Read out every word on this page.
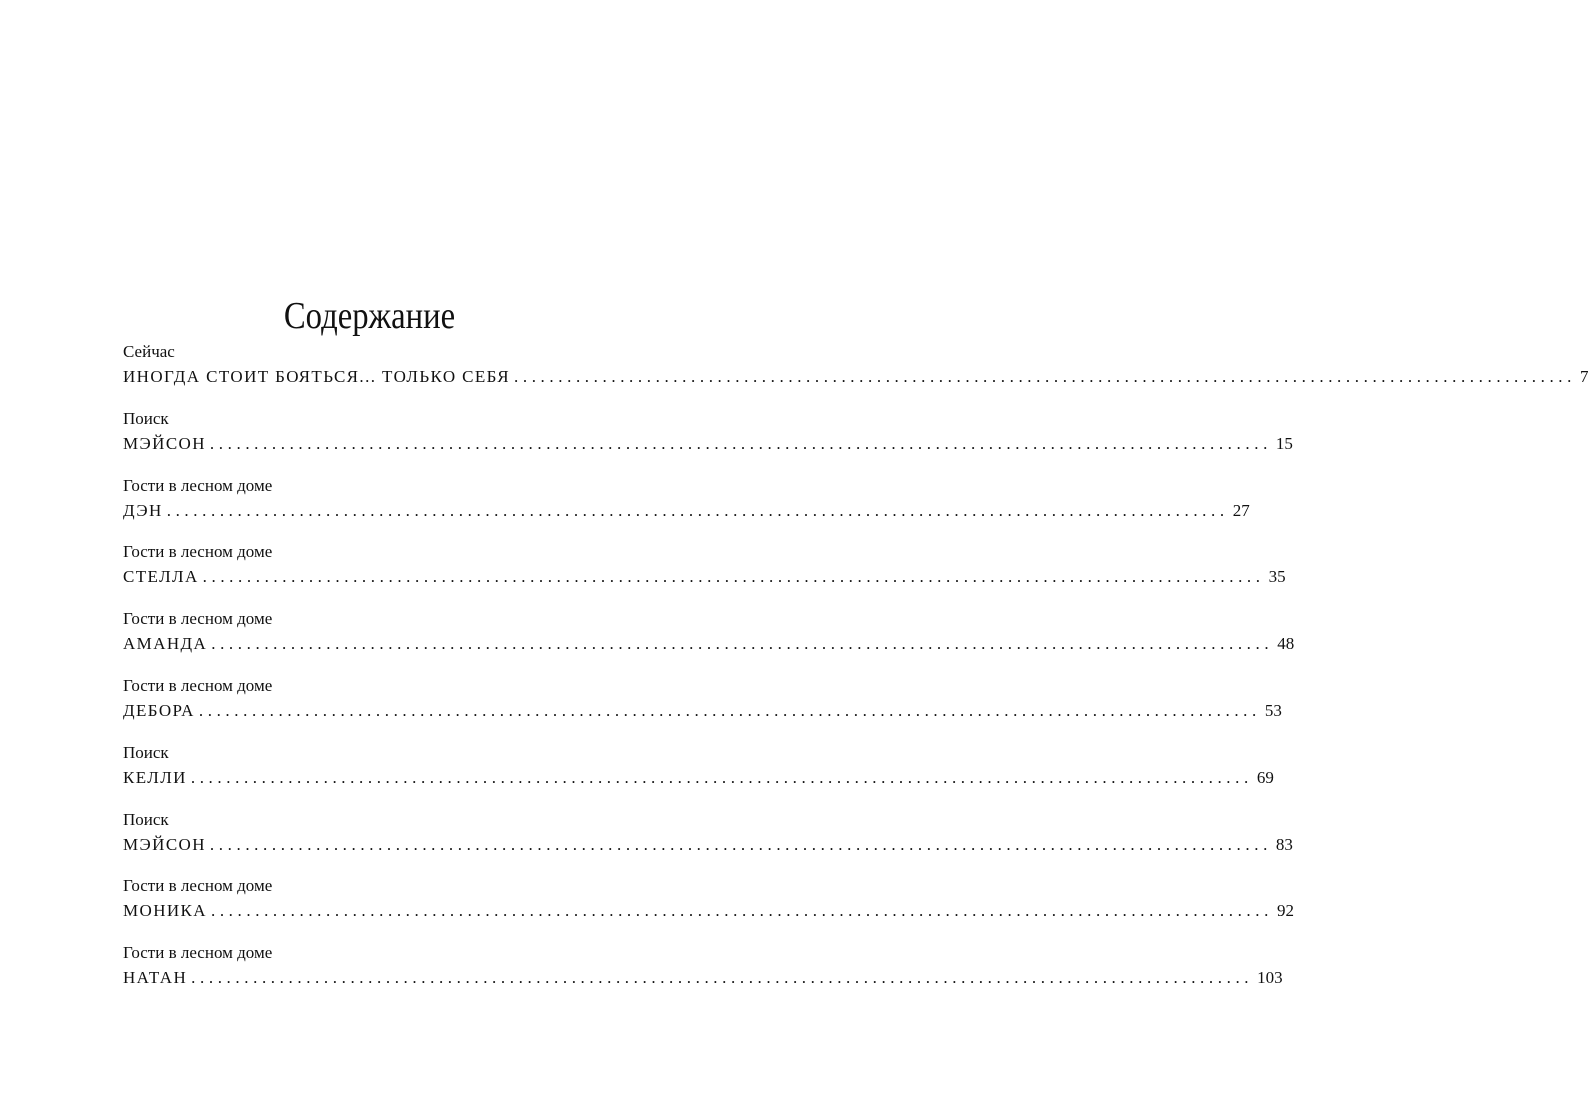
Содержание
Сейчас
ИНОГДА СТОИТ БОЯТЬСЯ... ТОЛЬКО СЕБЯ ........................................................................................................................ 7
Поиск
МЭЙСОН ........................................................................................................................ 15
Гости в лесном доме
ДЭН ........................................................................................................................ 27
Гости в лесном доме
СТЕЛЛА ........................................................................................................................ 35
Гости в лесном доме
АМАНДА ........................................................................................................................ 48
Гости в лесном доме
ДЕБОРА ........................................................................................................................ 53
Поиск
КЕЛЛИ ........................................................................................................................ 69
Поиск
МЭЙСОН ........................................................................................................................ 83
Гости в лесном доме
МОНИКА ........................................................................................................................ 92
Гости в лесном доме
НАТАН ........................................................................................................................ 103
